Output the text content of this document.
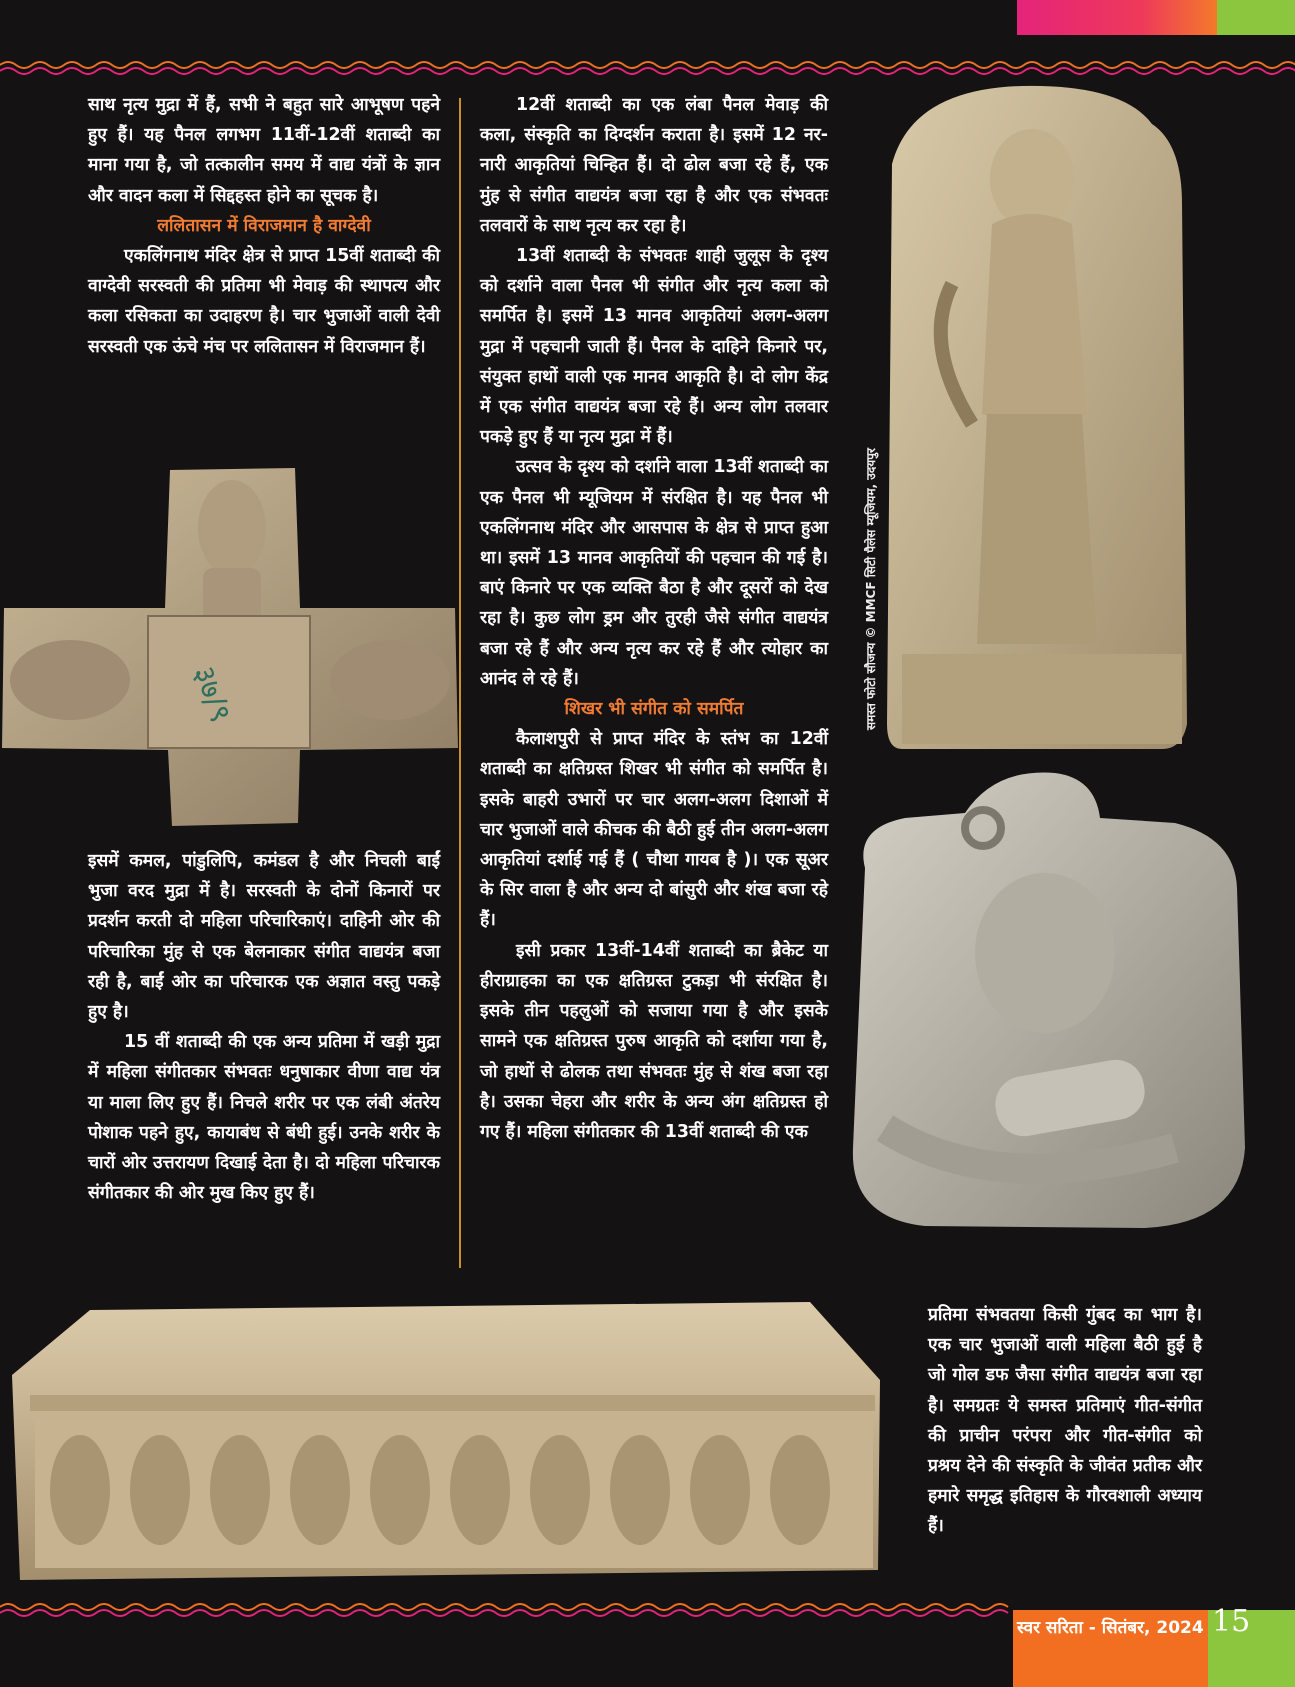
साथ नृत्य मुद्रा में हैं, सभी ने बहुत सारे आभूषण पहने हुए हैं। यह पैनल लगभग 11वीं-12वीं शताब्दी का माना गया है, जो तत्कालीन समय में वाद्य यंत्रों के ज्ञान और वादन कला में सिद्दहस्त होने का सूचक है।

ललितासन में विराजमान है वाग्देवी

एकलिंगनाथ मंदिर क्षेत्र से प्राप्त 15वीं शताब्दी की वाग्देवी सरस्वती की प्रतिमा भी मेवाड़ की स्थापत्य और कला रसिकता का उदाहरण है। चार भुजाओं वाली देवी सरस्वती एक ऊंचे मंच पर ललितासन में विराजमान हैं।

३७/९

इसमें कमल, पांडुलिपि, कमंडल है और निचली बाईं भुजा वरद मुद्रा में है। सरस्वती के दोनों किनारों पर प्रदर्शन करती दो महिला परिचारिकाएं। दाहिनी ओर की परिचारिका मुंह से एक बेलनाकार संगीत वाद्ययंत्र बजा रही है, बाईं ओर का परिचारक एक अज्ञात वस्तु पकड़े हुए है।

15 वीं शताब्दी की एक अन्य प्रतिमा में खड़ी मुद्रा में महिला संगीतकार संभवतः धनुषाकार वीणा वाद्य यंत्र या माला लिए हुए हैं। निचले शरीर पर एक लंबी अंतरेय पोशाक पहने हुए, कायाबंध से बंधी हुई। उनके शरीर के चारों ओर उत्तरायण दिखाई देता है। दो महिला परिचारक संगीतकार की ओर मुख किए हुए हैं।

12वीं शताब्दी का एक लंबा पैनल मेवाड़ की कला, संस्कृति का दिग्दर्शन कराता है। इसमें 12 नर-नारी आकृतियां चिन्हित हैं। दो ढोल बजा रहे हैं, एक मुंह से संगीत वाद्ययंत्र बजा रहा है और एक संभवतः तलवारों के साथ नृत्य कर रहा है।

13वीं शताब्दी के संभवतः शाही जुलूस के दृश्य को दर्शाने वाला पैनल भी संगीत और नृत्य कला को समर्पित है। इसमें 13 मानव आकृतियां अलग-अलग मुद्रा में पहचानी जाती हैं। पैनल के दाहिने किनारे पर, संयुक्त हाथों वाली एक मानव आकृति है। दो लोग केंद्र में एक संगीत वाद्ययंत्र बजा रहे हैं। अन्य लोग तलवार पकड़े हुए हैं या नृत्य मुद्रा में हैं।

उत्सव के दृश्य को दर्शाने वाला 13वीं शताब्दी का एक पैनल भी म्यूजियम में संरक्षित है। यह पैनल भी एकलिंगनाथ मंदिर और आसपास के क्षेत्र से प्राप्त हुआ था। इसमें 13 मानव आकृतियों की पहचान की गई है। बाएं किनारे पर एक व्यक्ति बैठा है और दूसरों को देख रहा है। कुछ लोग ड्रम और तुरही जैसे संगीत वाद्ययंत्र बजा रहे हैं और अन्य नृत्य कर रहे हैं और त्योहार का आनंद ले रहे हैं।

शिखर भी संगीत को समर्पित

कैलाशपुरी से प्राप्त मंदिर के स्तंभ का 12वीं शताब्दी का क्षतिग्रस्त शिखर भी संगीत को समर्पित है। इसके बाहरी उभारों पर चार अलग-अलग दिशाओं में चार भुजाओं वाले कीचक की बैठी हुई तीन अलग-अलग आकृतियां दर्शाई गई हैं ( चौथा गायब है )। एक सूअर के सिर वाला है और अन्य दो बांसुरी और शंख बजा रहे हैं।

इसी प्रकार 13वीं-14वीं शताब्दी का ब्रैकेट या हीराग्राहका का एक क्षतिग्रस्त टुकड़ा भी संरक्षित है। इसके तीन पहलुओं को सजाया गया है और इसके सामने एक क्षतिग्रस्त पुरुष आकृति को दर्शाया गया है, जो हाथों से ढोलक तथा संभवतः मुंह से शंख बजा रहा है। उसका चेहरा और शरीर के अन्य अंग क्षतिग्रस्त हो गए हैं। महिला संगीतकार की 13वीं शताब्दी की एक

समस्त फोटो सौजन्य © MMCF सिटी पैलेस म्यूजियम, उदयपुर

प्रतिमा संभवतया किसी गुंबद का भाग है। एक चार भुजाओं वाली महिला बैठी हुई है जो गोल डफ जैसा संगीत वाद्ययंत्र बजा रहा है। समग्रतः ये समस्त प्रतिमाएं गीत-संगीत की प्राचीन परंपरा और गीत-संगीत को प्रश्रय देने की संस्कृति के जीवंत प्रतीक और हमारे समृद्ध इतिहास के गौरवशाली अध्याय हैं।

स्वर सरिता - सितंबर, 2024 15
